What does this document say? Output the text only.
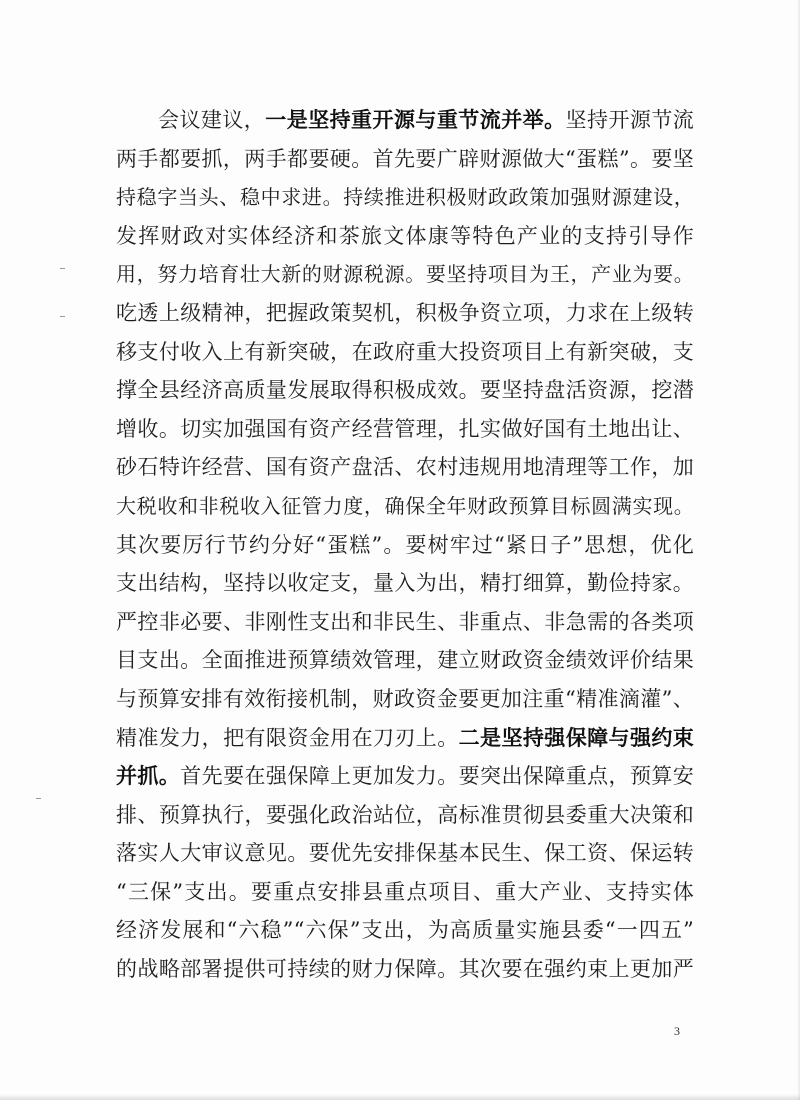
会议建议，一是坚持重开源与重节流并举。坚持开源节流
两手都要抓，两手都要硬。首先要广辟财源做大“蛋糕”。要坚
持稳字当头、稳中求进。持续推进积极财政政策加强财源建设，
发挥财政对实体经济和茶旅文体康等特色产业的支持引导作
用，努力培育壮大新的财源税源。要坚持项目为王，产业为要。
吃透上级精神，把握政策契机，积极争资立项，力求在上级转
移支付收入上有新突破，在政府重大投资项目上有新突破，支
撑全县经济高质量发展取得积极成效。要坚持盘活资源，挖潜
增收。切实加强国有资产经营管理，扎实做好国有土地出让、
砂石特许经营、国有资产盘活、农村违规用地清理等工作，加
大税收和非税收入征管力度，确保全年财政预算目标圆满实现。
其次要厉行节约分好“蛋糕”。要树牢过“紧日子”思想，优化
支出结构，坚持以收定支，量入为出，精打细算，勤俭持家。
严控非必要、非刚性支出和非民生、非重点、非急需的各类项
目支出。全面推进预算绩效管理，建立财政资金绩效评价结果
与预算安排有效衔接机制，财政资金要更加注重“精准滴灌”、
精准发力，把有限资金用在刀刃上。二是坚持强保障与强约束
并抓。首先要在强保障上更加发力。要突出保障重点，预算安
排、预算执行，要强化政治站位，高标准贯彻县委重大决策和
落实人大审议意见。要优先安排保基本民生、保工资、保运转
“三保”支出。要重点安排县重点项目、重大产业、支持实体
经济发展和“六稳”“六保”支出，为高质量实施县委“一四五”
的战略部署提供可持续的财力保障。其次要在强约束上更加严
3
